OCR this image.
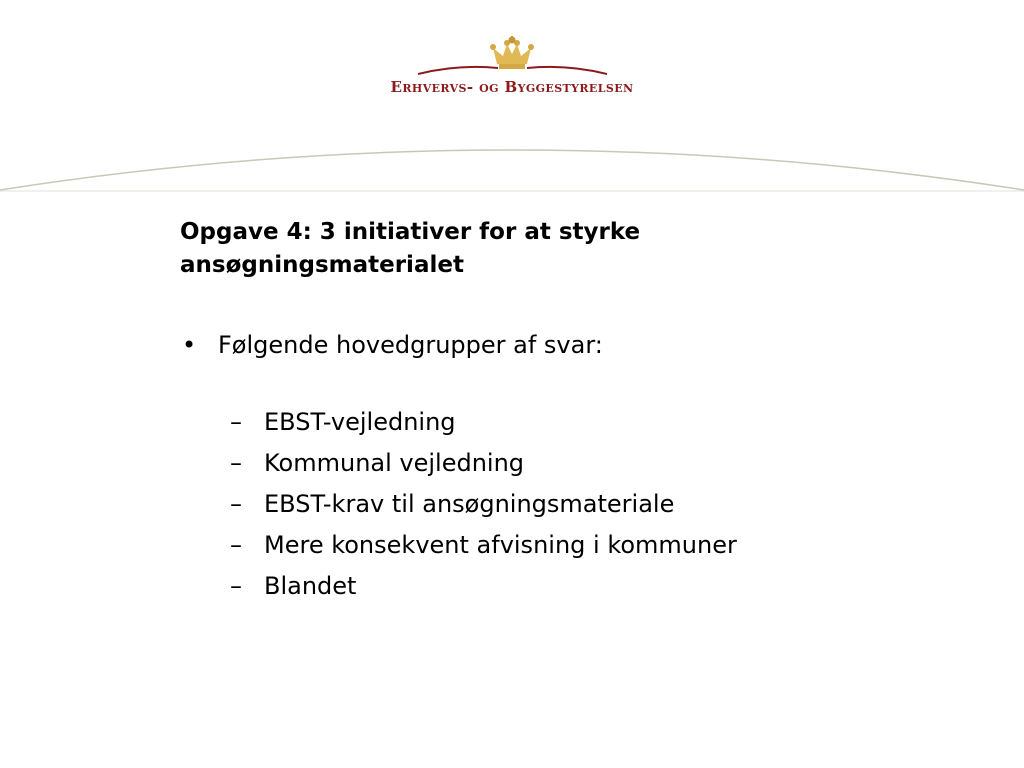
Erhvervs- og Byggestyrelsen
Opgave 4: 3 initiativer for at styrke ansøgningsmaterialet
• Følgende hovedgrupper af svar:
– EBST-vejledning
– Kommunal vejledning
– EBST-krav til ansøgningsmateriale
– Mere konsekvent afvisning i kommuner
– Blandet
